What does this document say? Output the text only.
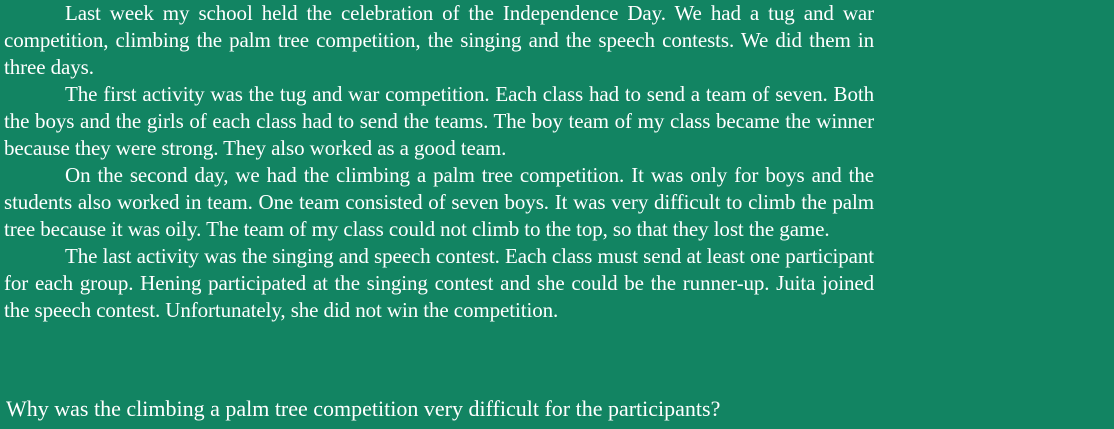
Last week my school held the celebration of the Independence Day. We had a tug and war competition, climbing the palm tree competition, the singing and the speech contests. We did them in three days.

The first activity was the tug and war competition. Each class had to send a team of seven. Both the boys and the girls of each class had to send the teams. The boy team of my class became the winner because they were strong. They also worked as a good team.

On the second day, we had the climbing a palm tree competition. It was only for boys and the students also worked in team. One team consisted of seven boys. It was very difficult to climb the palm tree because it was oily. The team of my class could not climb to the top, so that they lost the game.

The last activity was the singing and speech contest. Each class must send at least one participant for each group. Hening participated at the singing contest and she could be the runner-up. Juita joined the speech contest. Unfortunately, she did not win the competition.

Why was the climbing a palm tree competition very difficult for the participants?
